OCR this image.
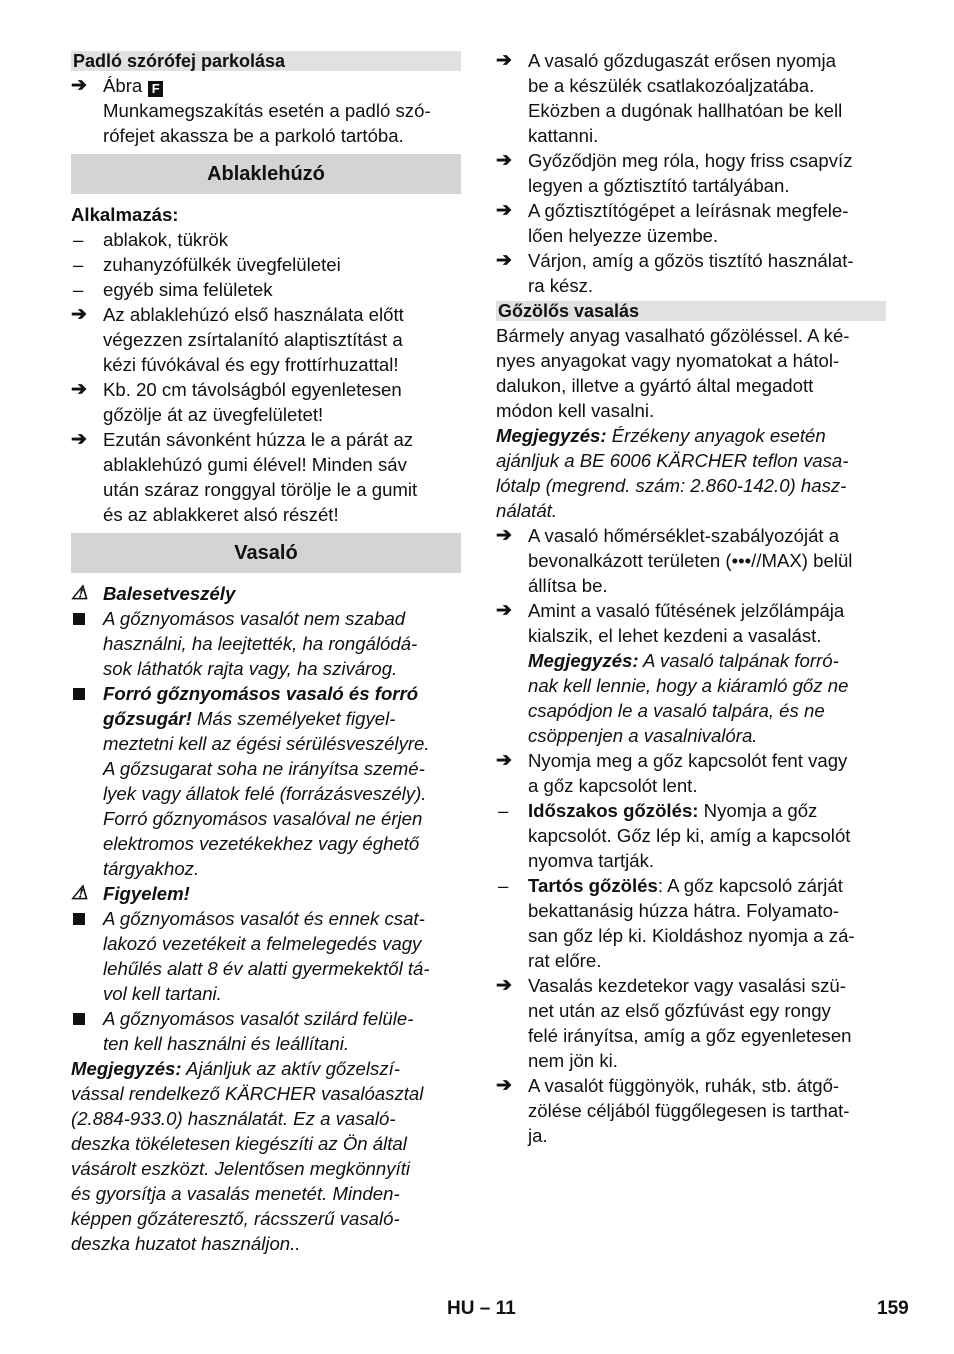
Padló szórófej parkolása
➔ Ábra F
Munkamegszakítás esetén a padló szó-
rófejet akassza be a parkoló tartóba.
Ablaklehúzó
Alkalmazás:
–	ablakok, tükrök
–	zuhanyzófülkék üvegfelületei
–	egyéb sima felületek
➔ Az ablaklehúzó első használata előtt
végezzen zsírtalanító alaptisztítást a
kézi fúvókával és egy frottírhuzattal!
➔ Kb. 20 cm távolságból egyenletesen
gőzölje át az üvegfelületet!
➔ Ezután sávonként húzza le a párát az
ablaklehúzó gumi élével! Minden sáv
után száraz ronggyal törölje le a gumit
és az ablakkeret alsó részét!
Vasaló
⚠ Balesetveszély
A gőznyomásos vasalót nem szabad
használni, ha leejtették, ha rongálódá-
sok láthatók rajta vagy, ha szivárog.
Forró gőznyomásos vasaló és forró
gőzsugár! Más személyeket figyel-
meztetni kell az égési sérülésveszélyre.
A gőzsugarat soha ne irányítsa szemé-
lyek vagy állatok felé (forrázásveszély).
Forró gőznyomásos vasalóval ne érjen
elektromos vezetékekhez vagy éghető
tárgyakhoz.
⚠ Figyelem!
A gőznyomásos vasalót és ennek csat-
lakozó vezetékeit a felmelegedés vagy
lehűlés alatt 8 év alatti gyermekektől tá-
vol kell tartani.
A gőznyomásos vasalót szilárd felüle-
ten kell használni és leállítani.
Megjegyzés: Ajánljuk az aktív gőzelszí-
vással rendelkező KÄRCHER vasalóasztal
(2.884-933.0) használatát. Ez a vasaló-
deszka tökéletesen kiegészíti az Ön által
vásárolt eszközt. Jelentősen megkönnyíti
és gyorsítja a vasalás menetét. Minden-
képpen gőzáteresztő, rácsszerű vasaló-
deszka huzatot használjon..
➔ A vasaló gőzdugaszát erősen nyomja
be a készülék csatlakozóaljzatába.
Eközben a dugónak hallhatóan be kell
kattanni.
➔ Győződjön meg róla, hogy friss csapvíz
legyen a gőztisztító tartályában.
➔ A gőztisztítógépet a leírásnak megfele-
lően helyezze üzembe.
➔ Várjon, amíg a gőzös tisztító használat-
ra kész.
Gőzölős vasalás
Bármely anyag vasalható gőzöléssel. A ké-
nyes anyagokat vagy nyomatokat a hátol-
dalukon, illetve a gyártó által megadott
módon kell vasalni.
Megjegyzés: Érzékeny anyagok esetén
ajánljuk a BE 6006 KÄRCHER teflon vasa-
lótalp (megrend. szám: 2.860-142.0) hasz-
nálatát.
➔ A vasaló hőmérséklet-szabályozóját a
bevonalkázott területen (•••//MAX) belül
állítsa be.
➔ Amint a vasaló fűtésének jelzőlámpája
kialszik, el lehet kezdeni a vasalást.
Megjegyzés: A vasaló talpának forró-
nak kell lennie, hogy a kiáramló gőz ne
csapódjon le a vasaló talpára, és ne
csöppenjen a vasalnivalóra.
➔ Nyomja meg a gőz kapcsolót fent vagy
a gőz kapcsolót lent.
–	Időszakos gőzölés: Nyomja a gőz
kapcsolót. Gőz lép ki, amíg a kapcsolót
nyomva tartják.
–	Tartós gőzölés: A gőz kapcsoló zárját
bekattanásig húzza hátra. Folyamato-
san gőz lép ki. Kioldáshoz nyomja a zá-
rat előre.
➔ Vasalás kezdetekor vagy vasalási szü-
net után az első gőzfúvást egy rongy
felé irányítsa, amíg a gőz egyenletesen
nem jön ki.
➔ A vasalót függönyök, ruhák, stb. átgő-
zölése céljából függőlegesen is tarthat-
ja.
HU – 11	159
